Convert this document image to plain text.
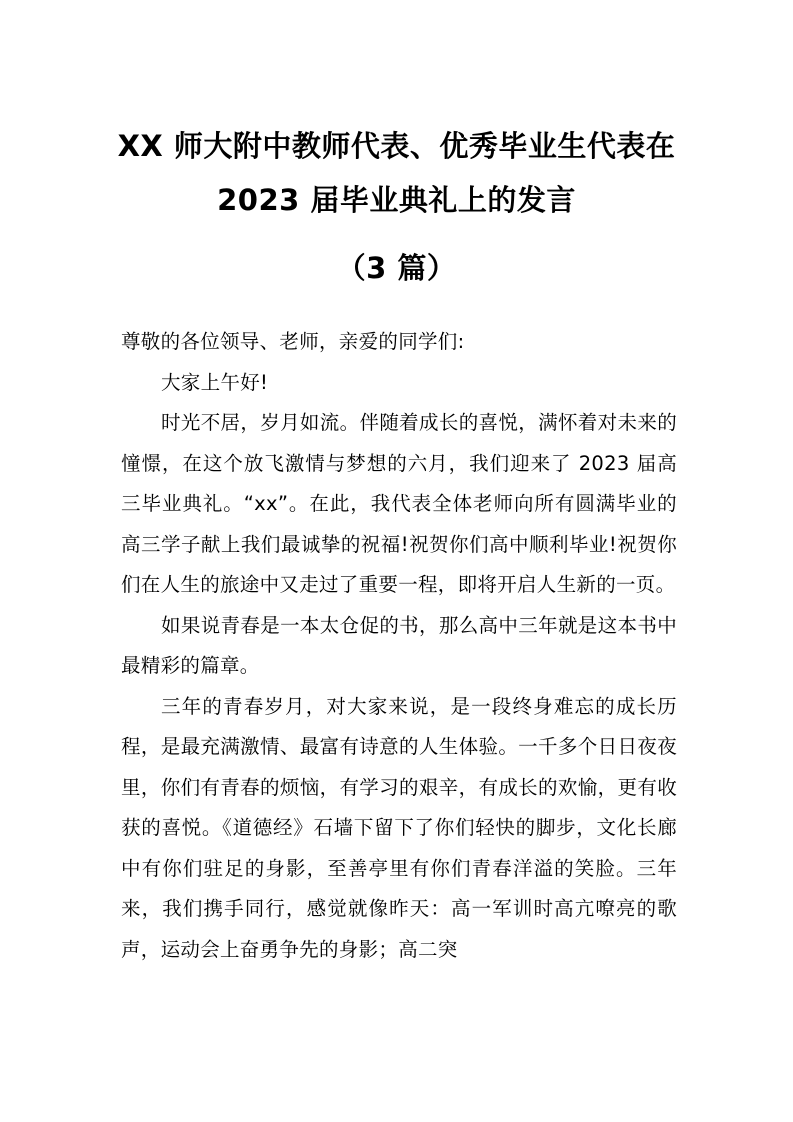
XX 师大附中教师代表、优秀毕业生代表在
2023 届毕业典礼上的发言
（3 篇）

尊敬的各位领导、老师，亲爱的同学们:

大家上午好!

时光不居，岁月如流。伴随着成长的喜悦，满怀着对未来的憧憬，在这个放飞激情与梦想的六月，我们迎来了 2023 届高三毕业典礼。“xx”。在此，我代表全体老师向所有圆满毕业的高三学子献上我们最诚挚的祝福!祝贺你们高中顺利毕业!祝贺你们在人生的旅途中又走过了重要一程，即将开启人生新的一页。

如果说青春是一本太仓促的书，那么高中三年就是这本书中最精彩的篇章。

三年的青春岁月，对大家来说，是一段终身难忘的成长历程，是最充满激情、最富有诗意的人生体验。一千多个日日夜夜里，你们有青春的烦恼，有学习的艰辛，有成长的欢愉，更有收获的喜悦。《道德经》石墙下留下了你们轻快的脚步，文化长廊中有你们驻足的身影，至善亭里有你们青春洋溢的笑脸。三年来，我们携手同行，感觉就像昨天：高一军训时高亢嘹亮的歌声，运动会上奋勇争先的身影；高二突
